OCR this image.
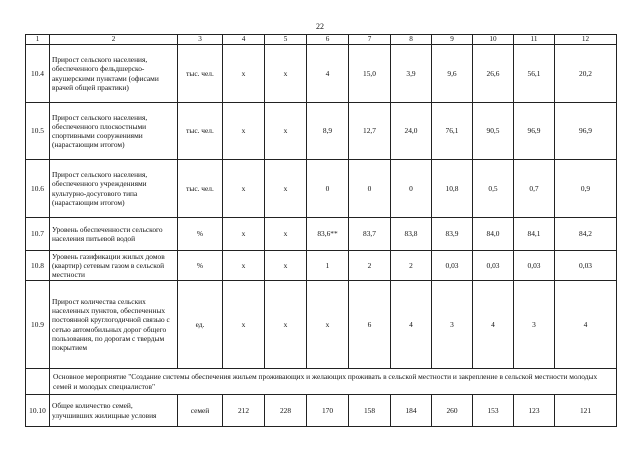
22
1	2	3	4	5	6	7	8	9	10	11	12
10.4	Прирост сельского населения, обеспеченного фельдшерско-акушерскими пунктами (офисами врачей общей практики)	тыс. чел.	х	х	4	15,0	3,9	9,6	26,6	56,1	20,2
10.5	Прирост сельского населения, обеспеченного плоскостными спортивными сооружениями (нарастающим итогом)	тыс. чел.	х	х	8,9	12,7	24,0	76,1	90,5	96,9	96,9
10.6	Прирост сельского населения, обеспеченного учреждениями культурно-досугового типа (нарастающим итогом)	тыс. чел.	х	х	0	0	0	10,8	0,5	0,7	0,9
10.7	Уровень обеспеченности сельского населения питьевой водой	%	х	х	83,6**	83,7	83,8	83,9	84,0	84,1	84,2
10.8	Уровень газификации жилых домов (квартир) сетевым газом в сельской местности	%	х	х	1	2	2	0,03	0,03	0,03	0,03
10.9	Прирост количества сельских населенных пунктов, обеспеченных постоянной круглогодичной связью с сетью автомобильных дорог общего пользования, по дорогам с твердым покрытием	ед.	х	х	х	6	4	3	4	3	4
	Основное мероприятие "Создание системы обеспечения жильем проживающих и желающих проживать в сельской местности и закрепление в сельской местности молодых семей и молодых специалистов"										
10.10	Общее количество семей, улучшивших жилищные условия	семей	212	228	170	158	184	260	153	123	121
